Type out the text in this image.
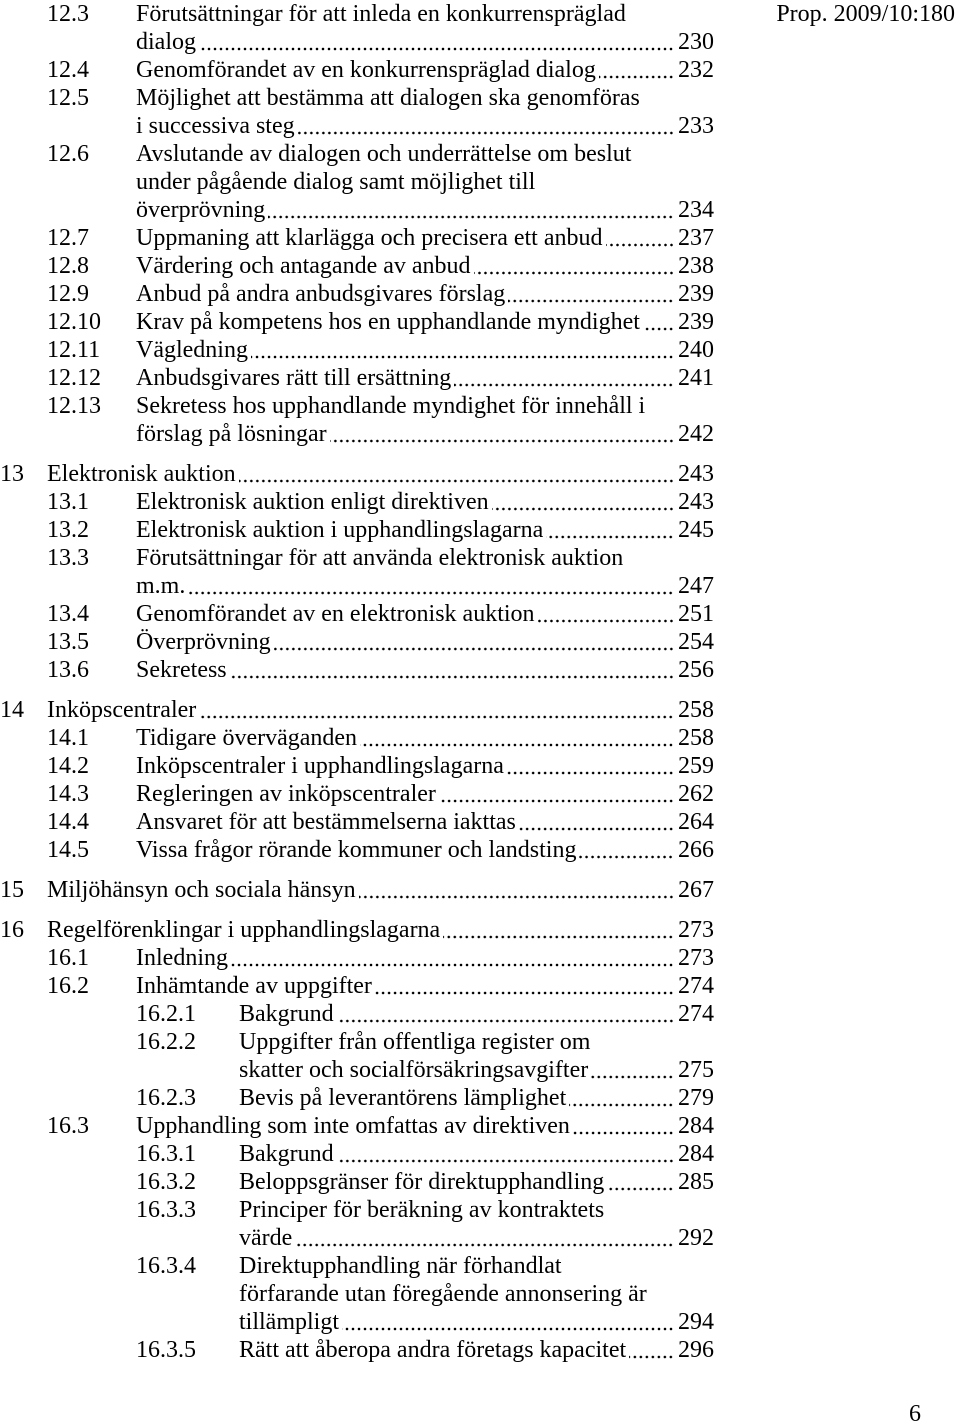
Prop. 2009/10:180
12.3 Förutsättningar för att inleda en konkurrenspräglad
dialog	230
12.4 Genomförandet av en konkurrenspräglad dialog	232
12.5 Möjlighet att bestämma att dialogen ska genomföras
i successiva steg	233
12.6 Avslutande av dialogen och underrättelse om beslut
under pågående dialog samt möjlighet till
överprövning	234
12.7 Uppmaning att klarlägga och precisera ett anbud	237
12.8 Värdering och antagande av anbud	238
12.9 Anbud på andra anbudsgivares förslag	239
12.10 Krav på kompetens hos en upphandlande myndighet 239
12.11 Vägledning	240
12.12 Anbudsgivares rätt till ersättning	241
12.13 Sekretess hos upphandlande myndighet för innehåll i
förslag på lösningar	242
13 Elektronisk auktion	243
13.1 Elektronisk auktion enligt direktiven	243
13.2 Elektronisk auktion i upphandlingslagarna	245
13.3 Förutsättningar för att använda elektronisk auktion
m.m.	247
13.4 Genomförandet av en elektronisk auktion	251
13.5 Överprövning	254
13.6 Sekretess	256
14 Inköpscentraler	258
14.1 Tidigare överväganden	258
14.2 Inköpscentraler i upphandlingslagarna	259
14.3 Regleringen av inköpscentraler	262
14.4 Ansvaret för att bestämmelserna iakttas	264
14.5 Vissa frågor rörande kommuner och landsting	266
15 Miljöhänsyn och sociala hänsyn	267
16 Regelförenklingar i upphandlingslagarna	273
16.1 Inledning	273
16.2 Inhämtande av uppgifter	274
16.2.1 Bakgrund	274
16.2.2 Uppgifter från offentliga register om
skatter och socialförsäkringsavgifter	275
16.2.3 Bevis på leverantörens lämplighet	279
16.3 Upphandling som inte omfattas av direktiven	284
16.3.1 Bakgrund	284
16.3.2 Beloppsgränser för direktupphandling	285
16.3.3 Principer för beräkning av kontraktets
värde	292
16.3.4 Direktupphandling när förhandlat
förfarande utan föregående annonsering är
tillämpligt	294
16.3.5 Rätt att åberopa andra företags kapacitet 296
6
